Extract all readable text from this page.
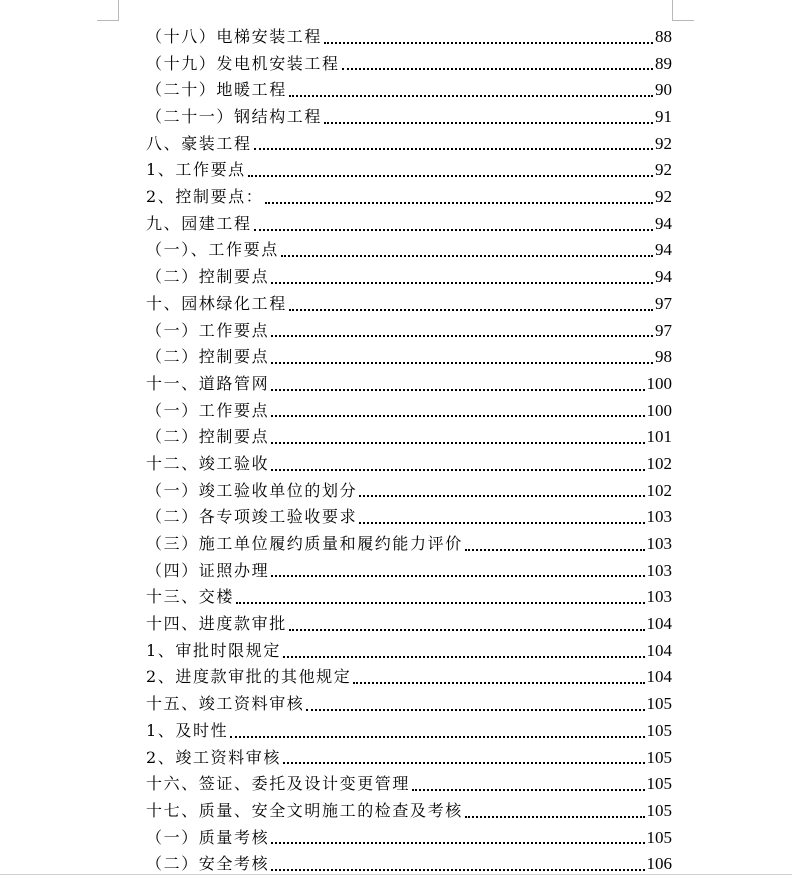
（十八）电梯安装工程	88
（十九）发电机安装工程	89
（二十）地暖工程	90
（二十一）钢结构工程	91
八、豪装工程	92
1、工作要点	92
2、控制要点：	92
九、园建工程	94
（一）、工作要点	94
（二）控制要点	94
十、园林绿化工程	97
（一）工作要点	97
（二）控制要点	98
十一、道路管网	100
（一）工作要点	100
（二）控制要点	101
十二、竣工验收	102
（一）竣工验收单位的划分	102
（二）各专项竣工验收要求	103
（三）施工单位履约质量和履约能力评价	103
（四）证照办理	103
十三、交楼	103
十四、进度款审批	104
1、审批时限规定	104
2、进度款审批的其他规定	104
十五、竣工资料审核	105
1、及时性	105
2、竣工资料审核	105
十六、签证、委托及设计变更管理	105
十七、质量、安全文明施工的检查及考核	105
（一）质量考核	105
（二）安全考核	106
